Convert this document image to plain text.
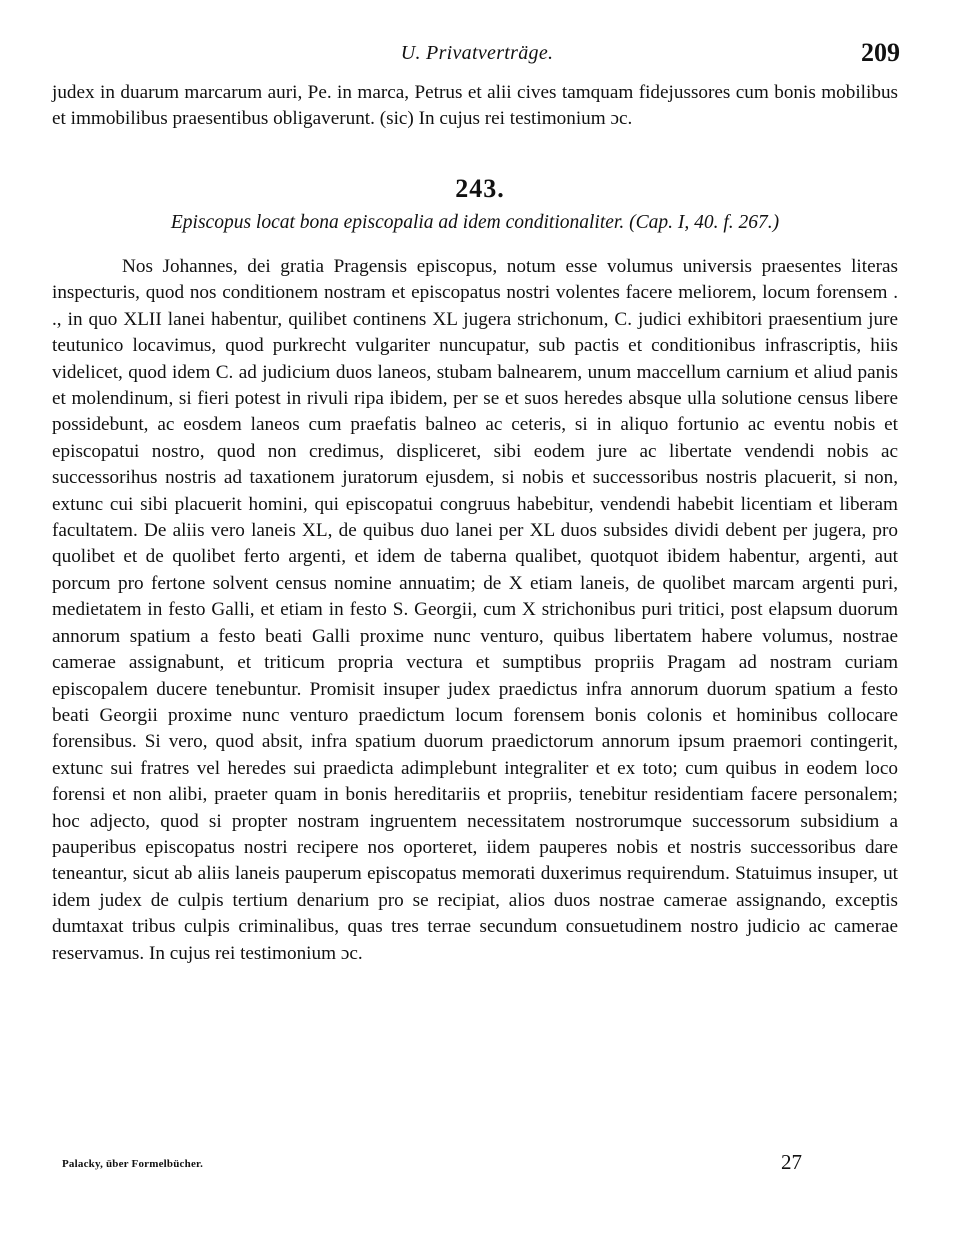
U. Privatverträge.	209
judex in duarum marcarum auri, Pe. in marca, Petrus et alii cives tamquam fidejussores cum bonis mobilibus et immobilibus praesentibus obligaverunt. (sic) In cujus rei testimonium ɔc.
243.
Episcopus locat bona episcopalia ad idem conditionaliter. (Cap. I, 40. f. 267.)
Nos Johannes, dei gratia Pragensis episcopus, notum esse volumus universis praesentes literas inspecturis, quod nos conditionem nostram et episcopatus nostri volentes facere meliorem, locum forensem . ., in quo XLII lanei habentur, quilibet continens XL jugera strichonum, C. judici exhibitori praesentium jure teutunico locavimus, quod purkrecht vulgariter nuncupatur, sub pactis et conditionibus infrascriptis, hiis videlicet, quod idem C. ad judicium duos laneos, stubam balnearem, unum maccellum carnium et aliud panis et molendinum, si fieri potest in rivuli ripa ibidem, per se et suos heredes absque ulla solutione census libere possidebunt, ac eosdem laneos cum praefatis balneo ac ceteris, si in aliquo fortunio ac eventu nobis et episcopatui nostro, quod non credimus, displiceret, sibi eodem jure ac libertate vendendi nobis ac successorihus nostris ad taxationem juratorum ejusdem, si nobis et successoribus nostris placuerit, si non, extunc cui sibi placuerit homini, qui episcopatui congruus habebitur, vendendi habebit licentiam et liberam facultatem. De aliis vero laneis XL, de quibus duo lanei per XL duos subsides dividi debent per jugera, pro quolibet et de quolibet ferto argenti, et idem de taberna qualibet, quotquot ibidem habentur, argenti, aut porcum pro fertone solvent census nomine annuatim; de X etiam laneis, de quolibet marcam argenti puri, medietatem in festo Galli, et etiam in festo S. Georgii, cum X strichonibus puri tritici, post elapsum duorum annorum spatium a festo beati Galli proxime nunc venturo, quibus libertatem habere volumus, nostrae camerae assignabunt, et triticum propria vectura et sumptibus propriis Pragam ad nostram curiam episcopalem ducere tenebuntur. Promisit insuper judex praedictus infra annorum duorum spatium a festo beati Georgii proxime nunc venturo praedictum locum forensem bonis colonis et hominibus collocare forensibus. Si vero, quod absit, infra spatium duorum praedictorum annorum ipsum praemori contingerit, extunc sui fratres vel heredes sui praedicta adimplebunt integraliter et ex toto; cum quibus in eodem loco forensi et non alibi, praeter quam in bonis hereditariis et propriis, tenebitur residentiam facere personalem; hoc adjecto, quod si propter nostram ingruentem necessitatem nostrorumque successorum subsidium a pauperibus episcopatus nostri recipere nos oporteret, iidem pauperes nobis et nostris successoribus dare teneantur, sicut ab aliis laneis pauperum episcopatus memorati duxerimus requirendum. Statuimus insuper, ut idem judex de culpis tertium denarium pro se recipiat, alios duos nostrae camerae assignando, exceptis dumtaxat tribus culpis criminalibus, quas tres terrae secundum consuetudinem nostro judicio ac camerae reservamus. In cujus rei testimonium ɔc.
Palacky, über Formelbücher.	27
